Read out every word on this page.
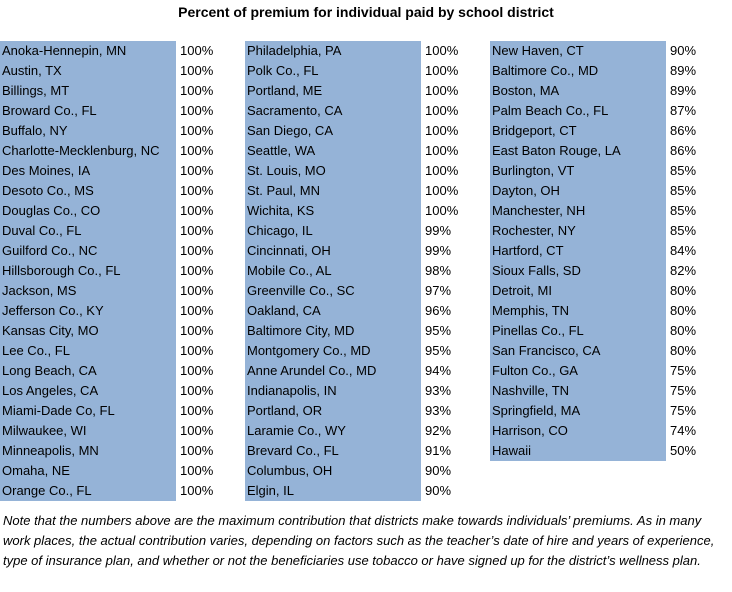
Percent of premium for individual paid by school district
Anoka-Hennepin, MN	100%
Austin, TX	100%
Billings, MT	100%
Broward Co., FL	100%
Buffalo, NY	100%
Charlotte-Mecklenburg, NC	100%
Des Moines, IA	100%
Desoto Co., MS	100%
Douglas Co., CO	100%
Duval Co., FL	100%
Guilford Co., NC	100%
Hillsborough Co., FL	100%
Jackson, MS	100%
Jefferson Co., KY	100%
Kansas City, MO	100%
Lee Co., FL	100%
Long Beach, CA	100%
Los Angeles, CA	100%
Miami-Dade Co, FL	100%
Milwaukee, WI	100%
Minneapolis, MN	100%
Omaha, NE	100%
Orange Co., FL	100%
Philadelphia, PA	100%
Polk Co., FL	100%
Portland, ME	100%
Sacramento, CA	100%
San Diego, CA	100%
Seattle, WA	100%
St. Louis, MO	100%
St. Paul, MN	100%
Wichita, KS	100%
Chicago, IL	99%
Cincinnati, OH	99%
Mobile Co., AL	98%
Greenville Co., SC	97%
Oakland, CA	96%
Baltimore City, MD	95%
Montgomery Co., MD	95%
Anne Arundel Co., MD	94%
Indianapolis, IN	93%
Portland, OR	93%
Laramie Co., WY	92%
Brevard Co., FL	91%
Columbus, OH	90%
Elgin, IL	90%
New Haven, CT	90%
Baltimore Co., MD	89%
Boston, MA	89%
Palm Beach Co., FL	87%
Bridgeport, CT	86%
East Baton Rouge, LA	86%
Burlington, VT	85%
Dayton, OH	85%
Manchester, NH	85%
Rochester, NY	85%
Hartford, CT	84%
Sioux Falls, SD	82%
Detroit, MI	80%
Memphis, TN	80%
Pinellas Co., FL	80%
San Francisco, CA	80%
Fulton Co., GA	75%
Nashville, TN	75%
Springfield, MA	75%
Harrison, CO	74%
Hawaii	50%
Note that the numbers above are the maximum contribution that districts make towards individuals’ premiums. As in many work places, the actual contribution varies, depending on factors such as the teacher’s date of hire and years of experience, type of insurance plan, and whether or not the beneficiaries use tobacco or have signed up for the district’s wellness plan.
